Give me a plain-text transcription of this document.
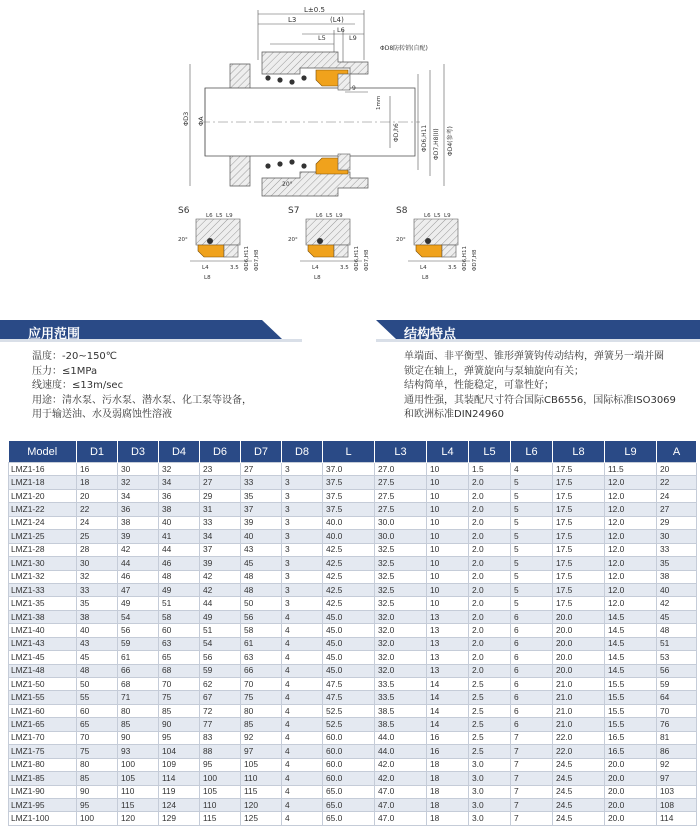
L±0.5
L3	(L4)
L6
L5	L9
ΦD8防转销(自配)
ΦD3 ΦA
ΦD,h6	ΦD6,H11 ΦD7,H8(II) ΦD4(参考)
1mm
9
20°
S6	L6 L5 L9
L4
L8
3.5
20°
ΦD6,H11 ΦD7,H8
S7	L6 L5 L9
L4
L8
3.5
20°
ΦD6,H11 ΦD7,H8
S8	L6 L5 L9
L4
L8
3.5
20°
ΦD6,H11 ΦD7,H8
应用范围	结构特点
温度：-20~150℃
压力：≤1MPa
线速度：≤13m/sec
用途：清水泵、污水泵、潜水泵、化工泵等设备，
用于输送油、水及弱腐蚀性溶液
单端面、非平衡型、锥形弹簧钩传动结构，弹簧另一端并圈
锁定在轴上，弹簧旋向与泵轴旋向有关；
结构简单，性能稳定，可靠性好；
通用性强，其装配尺寸符合国际CB6556，国际标准ISO3069
和欧洲标准DIN24960
Model	D1	D3	D4	D6	D7	D8	L	L3	L4	L5	L6	L8	L9	A
LMZ1-16	16	30	32	23	27	3	37.0	27.0	10	1.5	4	17.5	11.5	20
LMZ1-18	18	32	34	27	33	3	37.5	27.5	10	2.0	5	17.5	12.0	22
LMZ1-20	20	34	36	29	35	3	37.5	27.5	10	2.0	5	17.5	12.0	24
LMZ1-22	22	36	38	31	37	3	37.5	27.5	10	2.0	5	17.5	12.0	27
LMZ1-24	24	38	40	33	39	3	40.0	30.0	10	2.0	5	17.5	12.0	29
LMZ1-25	25	39	41	34	40	3	40.0	30.0	10	2.0	5	17.5	12.0	30
LMZ1-28	28	42	44	37	43	3	42.5	32.5	10	2.0	5	17.5	12.0	33
LMZ1-30	30	44	46	39	45	3	42.5	32.5	10	2.0	5	17.5	12.0	35
LMZ1-32	32	46	48	42	48	3	42.5	32.5	10	2.0	5	17.5	12.0	38
LMZ1-33	33	47	49	42	48	3	42.5	32.5	10	2.0	5	17.5	12.0	40
LMZ1-35	35	49	51	44	50	3	42.5	32.5	10	2.0	5	17.5	12.0	42
LMZ1-38	38	54	58	49	56	4	45.0	32.0	13	2.0	6	20.0	14.5	45
LMZ1-40	40	56	60	51	58	4	45.0	32.0	13	2.0	6	20.0	14.5	48
LMZ1-43	43	59	63	54	61	4	45.0	32.0	13	2.0	6	20.0	14.5	51
LMZ1-45	45	61	65	56	63	4	45.0	32.0	13	2.0	6	20.0	14.5	53
LMZ1-48	48	66	68	59	66	4	45.0	32.0	13	2.0	6	20.0	14.5	56
LMZ1-50	50	68	70	62	70	4	47.5	33.5	14	2.5	6	21.0	15.5	59
LMZ1-55	55	71	75	67	75	4	47.5	33.5	14	2.5	6	21.0	15.5	64
LMZ1-60	60	80	85	72	80	4	52.5	38.5	14	2.5	6	21.0	15.5	70
LMZ1-65	65	85	90	77	85	4	52.5	38.5	14	2.5	6	21.0	15.5	76
LMZ1-70	70	90	95	83	92	4	60.0	44.0	16	2.5	7	22.0	16.5	81
LMZ1-75	75	93	104	88	97	4	60.0	44.0	16	2.5	7	22.0	16.5	86
LMZ1-80	80	100	109	95	105	4	60.0	42.0	18	3.0	7	24.5	20.0	92
LMZ1-85	85	105	114	100	110	4	60.0	42.0	18	3.0	7	24.5	20.0	97
LMZ1-90	90	110	119	105	115	4	65.0	47.0	18	3.0	7	24.5	20.0	103
LMZ1-95	95	115	124	110	120	4	65.0	47.0	18	3.0	7	24.5	20.0	108
LMZ1-100	100	120	129	115	125	4	65.0	47.0	18	3.0	7	24.5	20.0	114
